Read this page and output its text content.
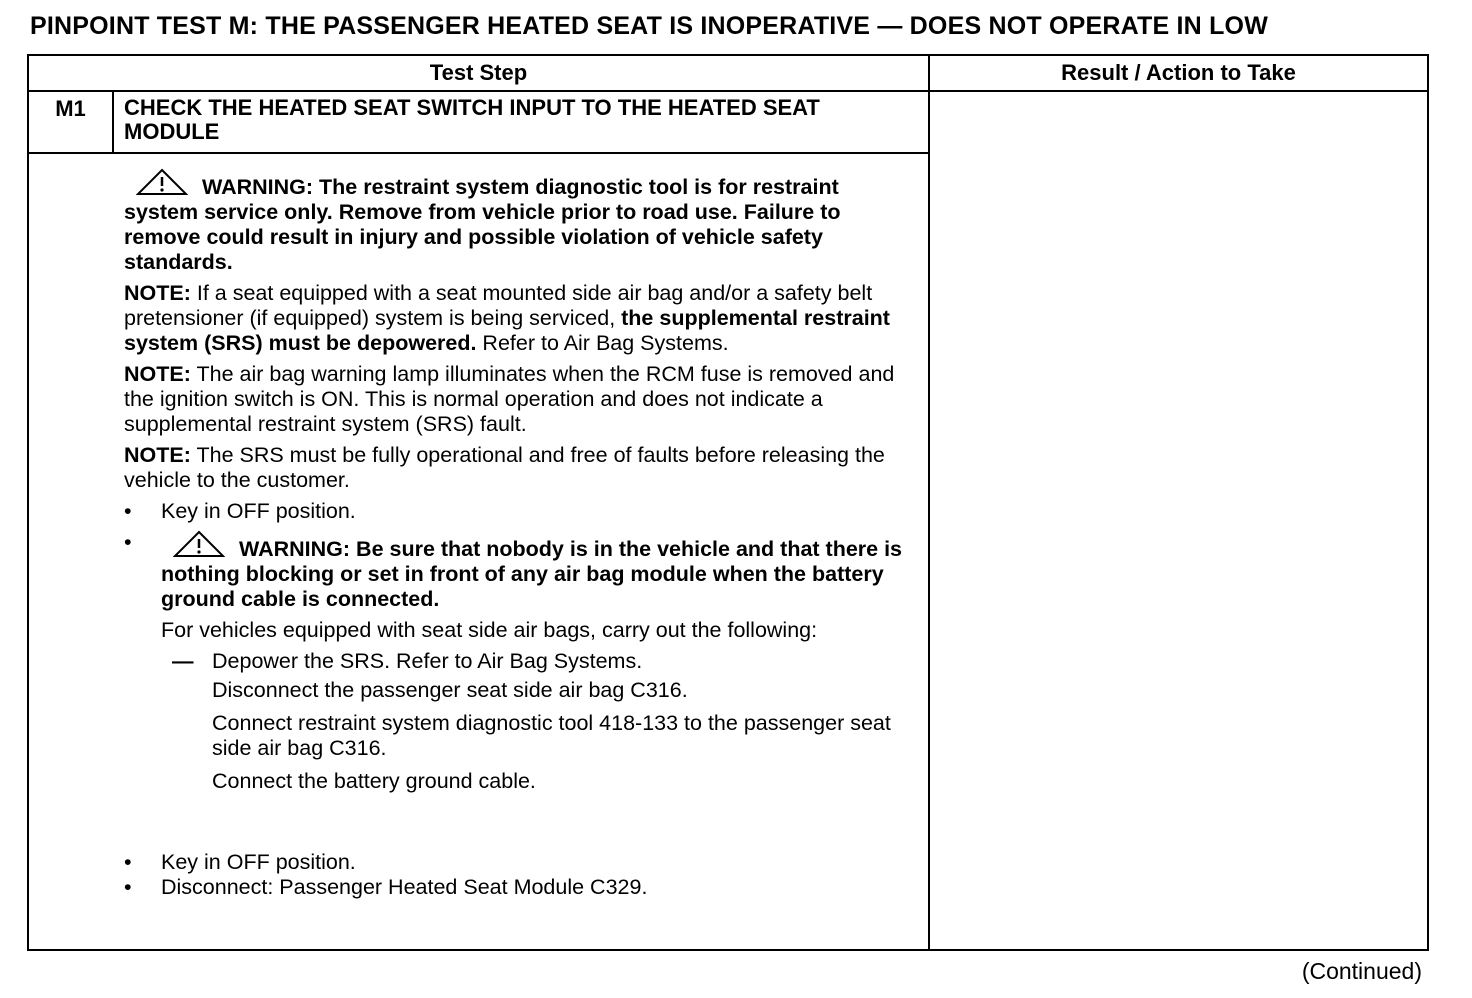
PINPOINT TEST M: THE PASSENGER HEATED SEAT IS INOPERATIVE — DOES NOT OPERATE IN LOW
Test Step	Result / Action to Take
M1	CHECK THE HEATED SEAT SWITCH INPUT TO THE HEATED SEAT MODULE

WARNING: The restraint system diagnostic tool is for restraint system service only. Remove from vehicle prior to road use. Failure to remove could result in injury and possible violation of vehicle safety standards.

NOTE: If a seat equipped with a seat mounted side air bag and/or a safety belt pretensioner (if equipped) system is being serviced, the supplemental restraint system (SRS) must be depowered. Refer to Air Bag Systems.

NOTE: The air bag warning lamp illuminates when the RCM fuse is removed and the ignition switch is ON. This is normal operation and does not indicate a supplemental restraint system (SRS) fault.

NOTE: The SRS must be fully operational and free of faults before releasing the vehicle to the customer.

•	Key in OFF position.
•	WARNING: Be sure that nobody is in the vehicle and that there is nothing blocking or set in front of any air bag module when the battery ground cable is connected.
For vehicles equipped with seat side air bags, carry out the following:
— Depower the SRS. Refer to Air Bag Systems.
Disconnect the passenger seat side air bag C316.
Connect restraint system diagnostic tool 418-133 to the passenger seat side air bag C316.
Connect the battery ground cable.
•	Key in OFF position.
•	Disconnect: Passenger Heated Seat Module C329.
(Continued)
